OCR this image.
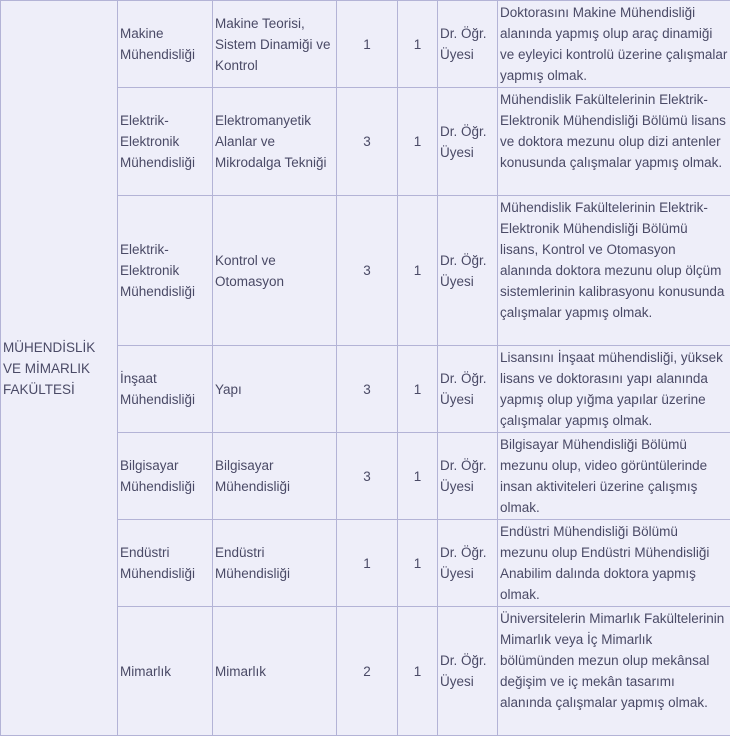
MÜHENDİSLİK VE MİMARLIK FAKÜLTESİ	Makine Mühendisliği	Makine Teorisi, Sistem Dinamiği ve Kontrol	1	1	Dr. Öğr. Üyesi	Doktorasını Makine Mühendisliği alanında yapmış olup araç dinamiği ve eyleyici kontrolü üzerine çalışmalar yapmış olmak.
	Elektrik-Elektronik Mühendisliği	Elektromanyetik Alanlar ve Mikrodalga Tekniği	3	1	Dr. Öğr. Üyesi	Mühendislik Fakültelerinin Elektrik-Elektronik Mühendisliği Bölümü lisans ve doktora mezunu olup dizi antenler konusunda çalışmalar yapmış olmak.
	Elektrik-Elektronik Mühendisliği	Kontrol ve Otomasyon	3	1	Dr. Öğr. Üyesi	Mühendislik Fakültelerinin Elektrik-Elektronik Mühendisliği Bölümü lisans, Kontrol ve Otomasyon alanında doktora mezunu olup ölçüm sistemlerinin kalibrasyonu konusunda çalışmalar yapmış olmak.
	İnşaat Mühendisliği	Yapı	3	1	Dr. Öğr. Üyesi	Lisansını İnşaat mühendisliği, yüksek lisans ve doktorasını yapı alanında yapmış olup yığma yapılar üzerine çalışmalar yapmış olmak.
	Bilgisayar Mühendisliği	Bilgisayar Mühendisliği	3	1	Dr. Öğr. Üyesi	Bilgisayar Mühendisliği Bölümü mezunu olup, video görüntülerinde insan aktiviteleri üzerine çalışmış olmak.
	Endüstri Mühendisliği	Endüstri Mühendisliği	1	1	Dr. Öğr. Üyesi	Endüstri Mühendisliği Bölümü mezunu olup Endüstri Mühendisliği Anabilim dalında doktora yapmış olmak.
	Mimarlık	Mimarlık	2	1	Dr. Öğr. Üyesi	Üniversitelerin Mimarlık Fakültelerinin Mimarlık veya İç Mimarlık bölümünden mezun olup mekânsal değişim ve iç mekân tasarımı alanında çalışmalar yapmış olmak.
